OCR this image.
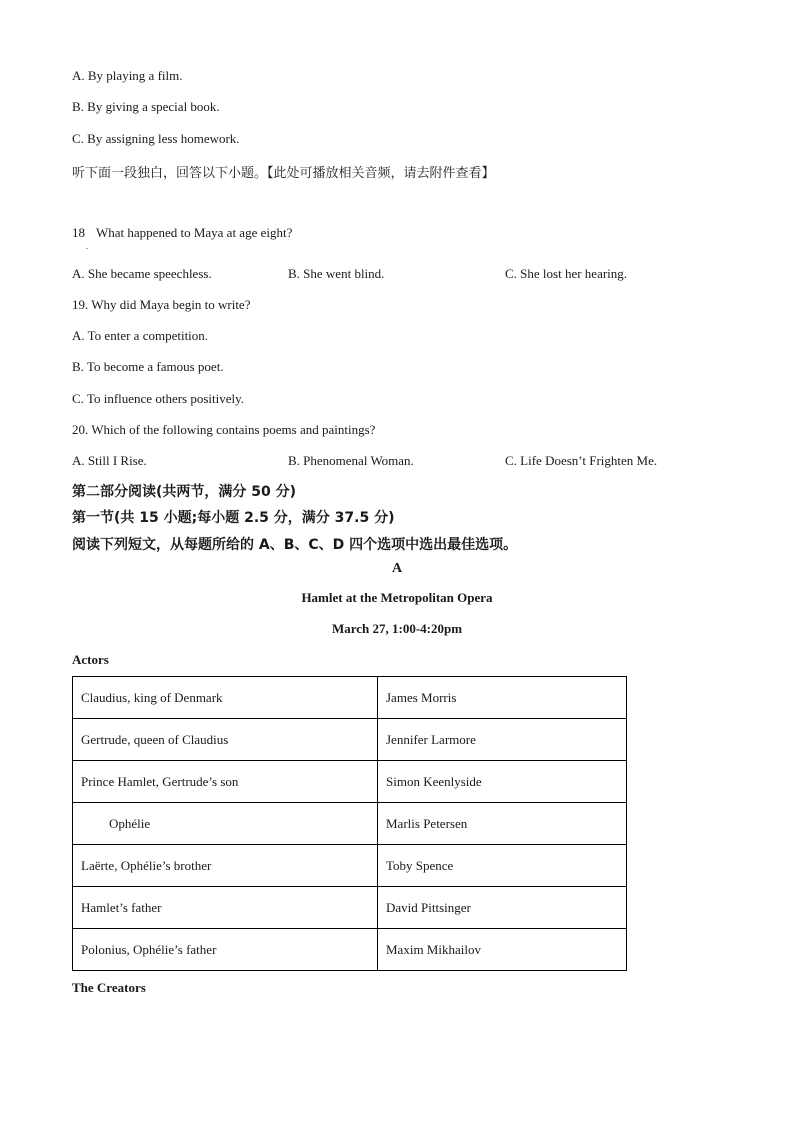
A. By playing a film.
B. By giving a special book.
C. By assigning less homework.
听下面一段独白，回答以下小题。【此处可播放相关音频，请去附件查看】
18
.
What happened to Maya at age eight?
A. She became speechless.	B. She went blind.	C. She lost her hearing.
19. Why did Maya begin to write?
A. To enter a competition.
B. To become a famous poet.
C. To influence others positively.
20. Which of the following contains poems and paintings?
A. Still I Rise.	B. Phenomenal Woman.	C. Life Doesn’t Frighten Me.
第二部分阅读(共两节，满分 50 分)
第一节(共 15 小题;每小题 2.5 分，满分 37.5 分)
阅读下列短文，从每题所给的 A、B、C、D 四个选项中选出最佳选项。
A
Hamlet at the Metropolitan Opera
March 27, 1:00-4:20pm
Actors
Claudius, king of Denmark	James Morris
Gertrude, queen of Claudius	Jennifer Larmore
Prince Hamlet, Gertrude’s son	Simon Keenlyside
Ophélie	Marlis Petersen
Laërte, Ophélie’s brother	Toby Spence
Hamlet’s father	David Pittsinger
Polonius, Ophélie’s father	Maxim Mikhailov
The Creators
